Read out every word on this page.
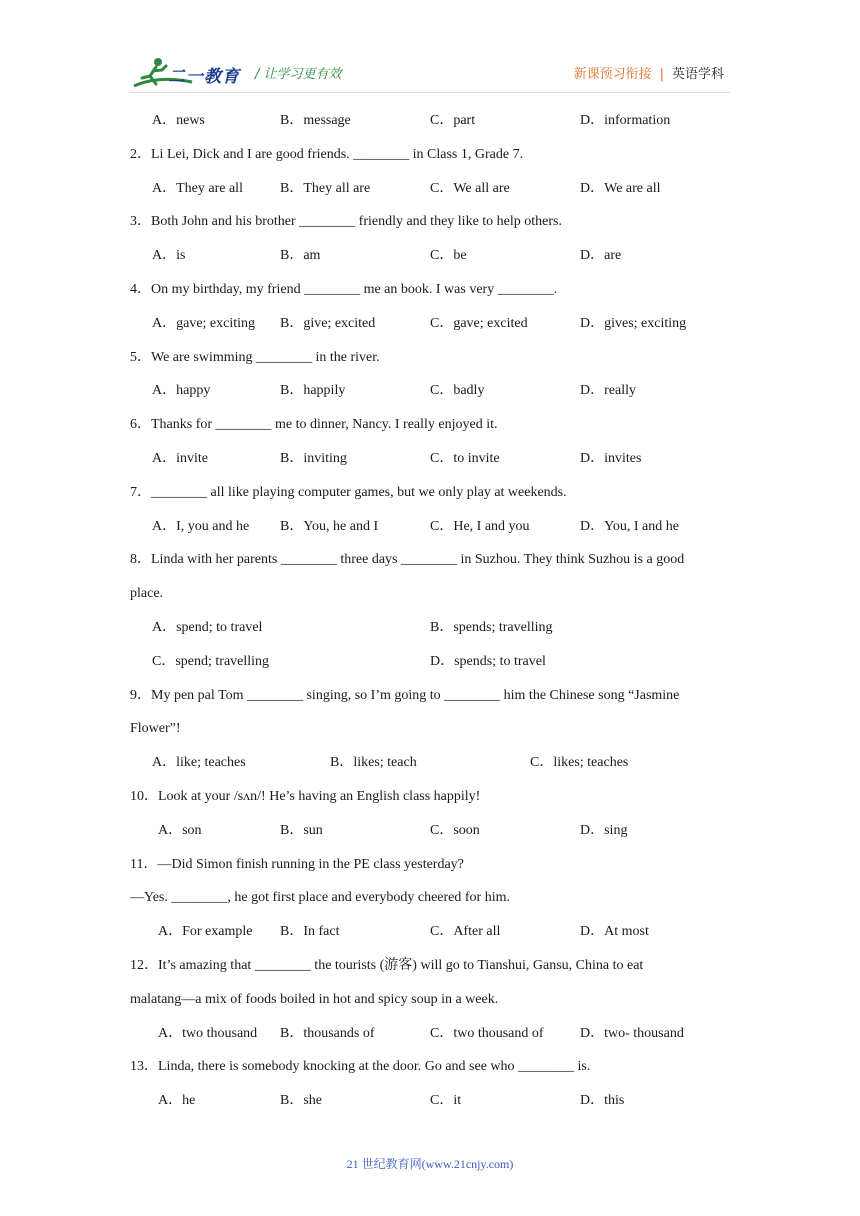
二一教育 / 让学习更有效	新课预习衔接 | 英语学科
A．news	B．message	C．part	D．information
2．Li Lei, Dick and I are good friends. ________ in Class 1, Grade 7.
A．They are all	B．They all are	C．We all are	D．We are all
3．Both John and his brother ________ friendly and they like to help others.
A．is	B．am	C．be	D．are
4．On my birthday, my friend ________ me an book. I was very ________.
A．gave; exciting B．give; excited	C．gave; excited	D．gives; exciting
5．We are swimming ________ in the river.
A．happy	B．happily	C．badly	D．really
6．Thanks for ________ me to dinner, Nancy. I really enjoyed it.
A．invite	B．inviting	C．to invite	D．invites
7．________ all like playing computer games, but we only play at weekends.
A．I, you and he B．You, he and I	C．He, I and you	D．You, I and he
8．Linda with her parents ________ three days ________ in Suzhou. They think Suzhou is a good
place.
A．spend; to travel	B．spends; travelling
C．spend; travelling	D．spends; to travel
9．My pen pal Tom ________ singing, so I’m going to ________ him the Chinese song “Jasmine
Flower”!
A．like; teaches	B．likes; teach	C．likes; teaches
10．Look at your /sʌn/! He’s having an English class happily!
A．son	B．sun	C．soon	D．sing
11．—Did Simon finish running in the PE class yesterday?
—Yes. ________, he got first place and everybody cheered for him.
A．For example B．In fact	C．After all	D．At most
12．It’s amazing that ________ the tourists (游客) will go to Tianshui, Gansu, China to eat
malatang—a mix of foods boiled in hot and spicy soup in a week.
A．two thousand B．thousands of	C．two thousand of	D．two- thousand
13．Linda, there is somebody knocking at the door. Go and see who ________ is.
A．he	B．she	C．it	D．this
21 世纪教育网(www.21cnjy.com)
